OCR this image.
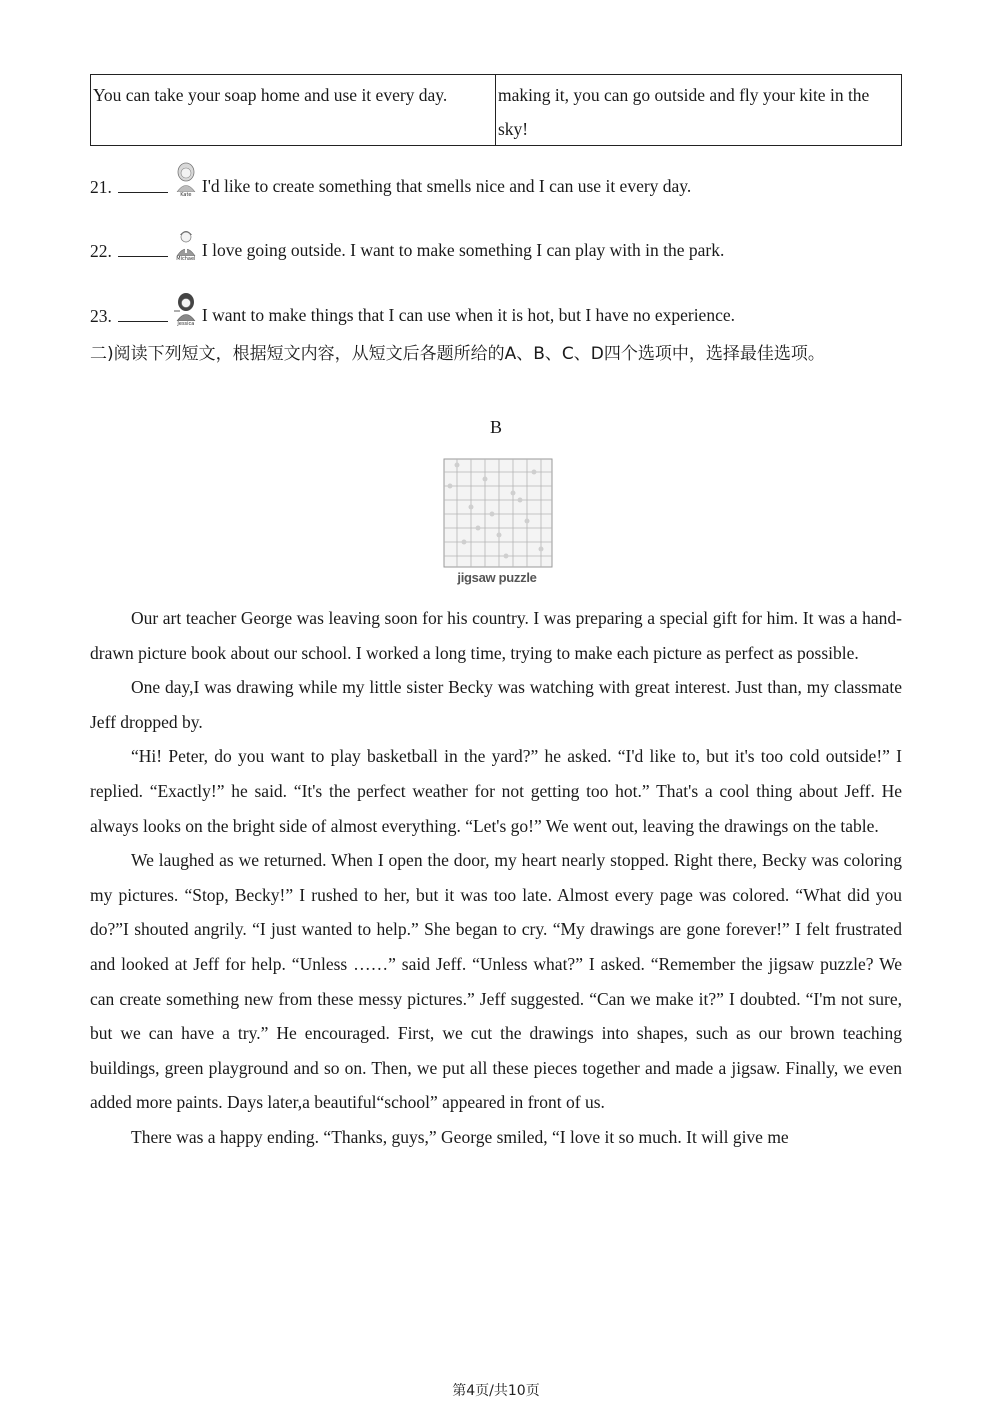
You can take your soap home and use it every day.	making it, you can go outside and fly your kite in the sky!
21.	Kate I'd like to create something that smells nice and I can use it every day.
22.	Michael I love going outside. I want to make something I can play with in the park.
23.	Jessica I want to make things that I can use when it is hot, but I have no experience.
二)阅读下列短文，根据短文内容，从短文后各题所给的A、B、C、D四个选项中，选择最佳选项。
B
jigsaw puzzle

Our art teacher George was leaving soon for his country. I was preparing a special gift for him. It was a hand-drawn picture book about our school. I worked a long time, trying to make each picture as perfect as possible.

One day,I was drawing while my little sister Becky was watching with great interest. Just than, my classmate Jeff dropped by.

“Hi! Peter, do you want to play basketball in the yard?” he asked. “I'd like to, but it's too cold outside!” I replied. “Exactly!” he said. “It's the perfect weather for not getting too hot.” That's a cool thing about Jeff. He always looks on the bright side of almost everything. “Let's go!” We went out, leaving the drawings on the table.

We laughed as we returned. When I open the door, my heart nearly stopped. Right there, Becky was coloring my pictures. “Stop, Becky!” I rushed to her, but it was too late. Almost every page was colored. “What did you do?”I shouted angrily. “I just wanted to help.” She began to cry. “My drawings are gone forever!” I felt frustrated and looked at Jeff for help. “Unless ……” said Jeff. “Unless what?” I asked. “Remember the jigsaw puzzle? We can create something new from these messy pictures.” Jeff suggested. “Can we make it?” I doubted. “I'm not sure, but we can have a try.” He encouraged. First, we cut the drawings into shapes, such as our brown teaching buildings, green playground and so on. Then, we put all these pieces together and made a jigsaw. Finally, we even added more paints. Days later,a beautiful“school” appeared in front of us.

There was a happy ending. “Thanks, guys,” George smiled, “I love it so much. It will give me

第4页/共10页
